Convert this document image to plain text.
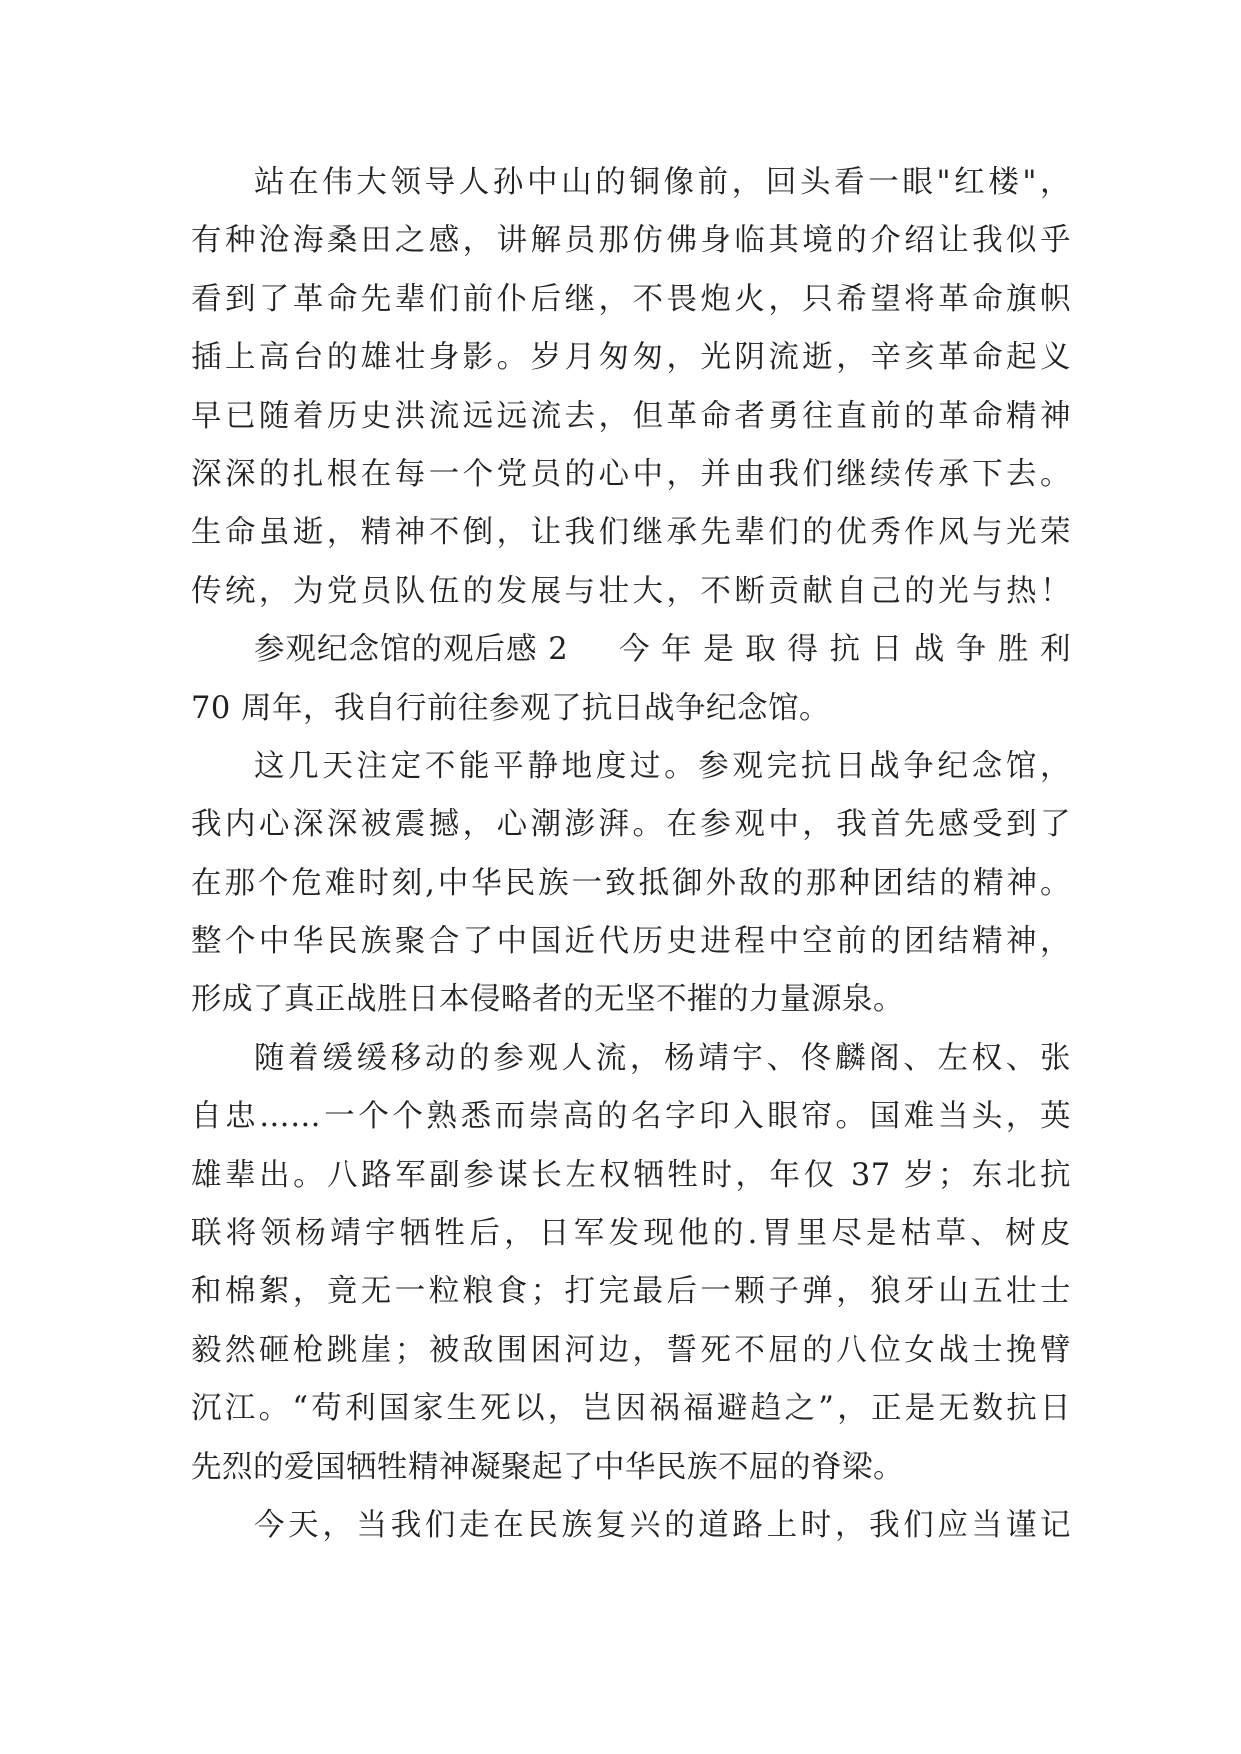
站在伟大领导人孙中山的铜像前，回头看一眼"红楼"，
有种沧海桑田之感，讲解员那仿佛身临其境的介绍让我似乎
看到了革命先辈们前仆后继，不畏炮火，只希望将革命旗帜
插上高台的雄壮身影。岁月匆匆，光阴流逝，辛亥革命起义
早已随着历史洪流远远流去，但革命者勇往直前的革命精神
深深的扎根在每一个党员的心中，并由我们继续传承下去。
生命虽逝，精神不倒，让我们继承先辈们的优秀作风与光荣
传统，为党员队伍的发展与壮大，不断贡献自己的光与热！
参观纪念馆的观后感 2	今年是取得抗日战争胜利
70 周年，我自行前往参观了抗日战争纪念馆。
这几天注定不能平静地度过。参观完抗日战争纪念馆，
我内心深深被震撼，心潮澎湃。在参观中，我首先感受到了
在那个危难时刻,中华民族一致抵御外敌的那种团结的精神。
整个中华民族聚合了中国近代历史进程中空前的团结精神，
形成了真正战胜日本侵略者的无坚不摧的力量源泉。
随着缓缓移动的参观人流，杨靖宇、佟麟阁、左权、张
自忠……一个个熟悉而崇高的名字印入眼帘。国难当头，英
雄辈出。八路军副参谋长左权牺牲时，年仅 37 岁；东北抗
联将领杨靖宇牺牲后，日军发现他的.胃里尽是枯草、树皮
和棉絮，竟无一粒粮食；打完最后一颗子弹，狼牙山五壮士
毅然砸枪跳崖；被敌围困河边，誓死不屈的八位女战士挽臂
沉江。“苟利国家生死以，岂因祸福避趋之”，正是无数抗日
先烈的爱国牺牲精神凝聚起了中华民族不屈的脊梁。
今天，当我们走在民族复兴的道路上时，我们应当谨记
